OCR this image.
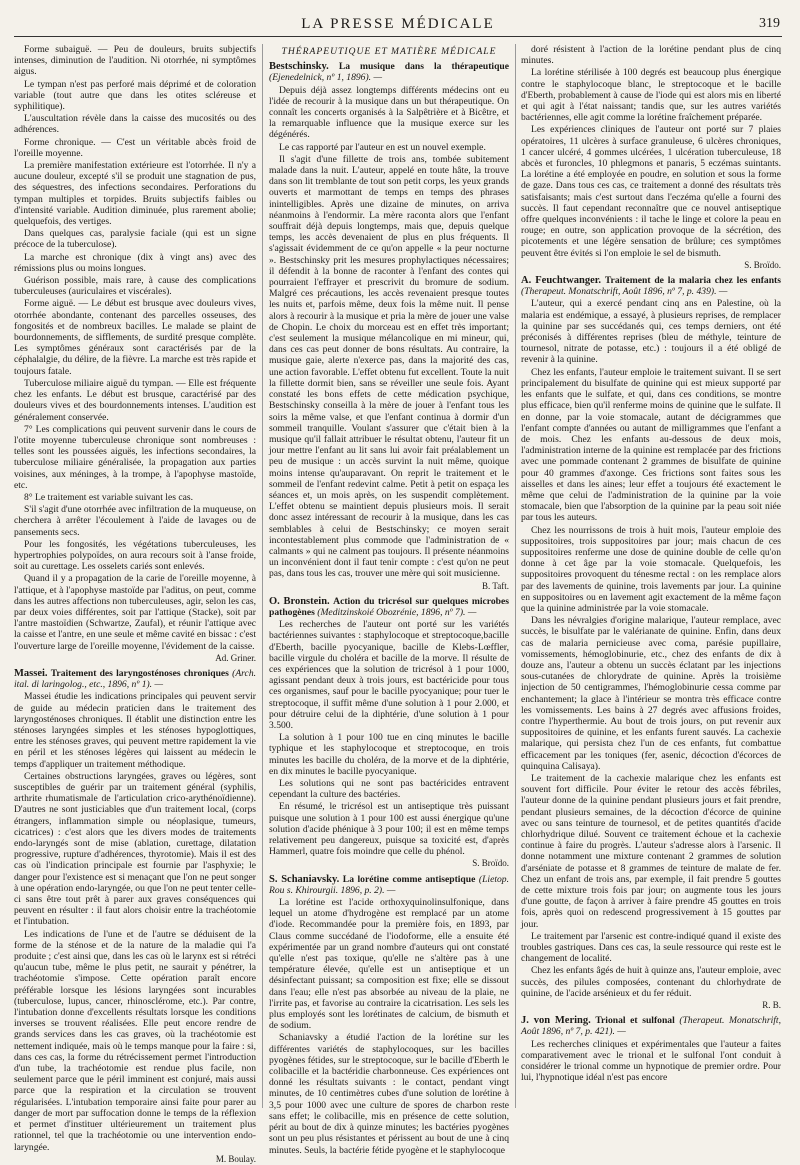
LA PRESSE MÉDICALE	319

Forme subaiguë. — Peu de douleurs, bruits subjectifs intenses, diminution de l'audition. Ni otorrhée, ni symptômes aigus.

Le tympan n'est pas perforé mais déprimé et de coloration variable (tout autre que dans les otites scléreuse et syphilitique).

L'auscultation révèle dans la caisse des mucosités ou des adhérences.

Forme chronique. — C'est un véritable abcès froid de l'oreille moyenne.

La première manifestation extérieure est l'otorrhée. Il n'y a aucune douleur, excepté s'il se produit une stagnation de pus, des séquestres, des infections secondaires. Perforations du tympan multiples et torpides. Bruits subjectifs faibles ou d'intensité variable. Audition diminuée, plus rarement abolie; quelquefois, des vertiges.

Dans quelques cas, paralysie faciale (qui est un signe précoce de la tuberculose).

La marche est chronique (dix à vingt ans) avec des rémissions plus ou moins longues.

Guérison possible, mais rare, à cause des complications tuberculeuses (auriculaires et viscérales).

Forme aiguë. — Le début est brusque avec douleurs vives, otorrhée abondante, contenant des parcelles osseuses, des fongosités et de nombreux bacilles. Le malade se plaint de bourdonnements, de sifflements, de surdité presque complète. Les symptômes généraux sont caractérisés par de la céphalalgie, du délire, de la fièvre. La marche est très rapide et toujours fatale.

Tuberculose miliaire aiguë du tympan. — Elle est fréquente chez les enfants. Le début est brusque, caractérisé par des douleurs vives et des bourdonnements intenses. L'audition est généralement conservée.

7° Les complications qui peuvent survenir dans le cours de l'otite moyenne tuberculeuse chronique sont nombreuses : telles sont les poussées aiguës, les infections secondaires, la tuberculose miliaire généralisée, la propagation aux parties voisines, aux méninges, à la trompe, à l'apophyse mastoïde, etc.

8° Le traitement est variable suivant les cas.

S'il s'agit d'une otorrhée avec infiltration de la muqueuse, on cherchera à arrêter l'écoulement à l'aide de lavages ou de pansements secs.

Pour les fongosités, les végétations tuberculeuses, les hypertrophies polypoïdes, on aura recours soit à l'anse froide, soit au curettage. Les osselets cariés sont enlevés.

Quand il y a propagation de la carie de l'oreille moyenne, à l'attique, et à l'apophyse mastoïde par l'aditus, on peut, comme dans les autres affections non tuberculeuses, agir, selon les cas, par deux voies différentes, soit par l'attique (Stacke), soit par l'antre mastoïdien (Schwartze, Zaufal), et réunir l'attique avec la caisse et l'antre, en une seule et même cavité en bissac : c'est l'ouverture large de l'oreille moyenne, l'évidement de la caisse.

Ad. Griner.

Massei. Traitement des laryngosténoses chroniques (Arch. ital. di laringolog., etc., 1896, nº 1). —

Massei étudie les indications principales qui peuvent servir de guide au médecin praticien dans le traitement des laryngosténoses chroniques. Il établit une distinction entre les sténoses laryngées simples et les sténoses hypoglottiques, entre les sténoses graves, qui peuvent mettre rapidement la vie en péril et les sténoses légères qui laissent au médecin le temps d'appliquer un traitement méthodique.

Certaines obstructions laryngées, graves ou légères, sont susceptibles de guérir par un traitement général (syphilis, arthrite rhumatismale de l'articulation crico-arythénoïdienne). D'autres ne sont justiciables que d'un traitement local, (corps étrangers, inflammation simple ou néoplasique, tumeurs, cicatrices) : c'est alors que les divers modes de traitements endo-laryngés sont de mise (ablation, curettage, dilatation progressive, rupture d'adhérences, thyrotomie). Mais il est des cas où l'indication principale est fournie par l'asphyxie; le danger pour l'existence est si menaçant que l'on ne peut songer à une opération endo-laryngée, ou que l'on ne peut tenter celle-ci sans être tout prêt à parer aux graves conséquences qui peuvent en résulter : il faut alors choisir entre la trachéotomie et l'intubation.

Les indications de l'une et de l'autre se déduisent de la forme de la sténose et de la nature de la maladie qui l'a produite ; c'est ainsi que, dans les cas où le larynx est si rétréci qu'aucun tube, même le plus petit, ne saurait y pénétrer, la trachéotomie s'impose. Cette opération paraît encore préférable lorsque les lésions laryngées sont incurables (tuberculose, lupus, cancer, rhinosclérome, etc.). Par contre, l'intubation donne d'excellents résultats lorsque les conditions inverses se trouvent réalisées. Elle peut encore rendre de grands services dans les cas graves, où la trachéotomie est nettement indiquée, mais où le temps manque pour la faire : si, dans ces cas, la forme du rétrécissement permet l'introduction d'un tube, la trachéotomie est rendue plus facile, non seulement parce que le péril imminent est conjuré, mais aussi parce que la respiration et la circulation se trouvent régularisées. L'intubation temporaire ainsi faite pour parer au danger de mort par suffocation donne le temps de la réflexion et permet d'instituer ultérieurement un traitement plus rationnel, tel que la trachéotomie ou une intervention endo-laryngée.

M. Boulay.

THÉRAPEUTIQUE ET MATIÈRE MÉDICALE

Bestschinsky. La musique dans la thérapeutique (Ejenedelnick, nº 1, 1896). —

Depuis déjà assez longtemps différents médecins ont eu l'idée de recourir à la musique dans un but thérapeutique. On connaît les concerts organisés à la Salpêtrière et à Bicêtre, et la remarquable influence que la musique exerce sur les dégénérés.

Le cas rapporté par l'auteur en est un nouvel exemple.

Il s'agit d'une fillette de trois ans, tombée subitement malade dans la nuit. L'auteur, appelé en toute hâte, la trouve dans son lit tremblante de tout son petit corps, les yeux grands ouverts et marmottant de temps en temps des phrases inintelligibles. Après une dizaine de minutes, on arriva néanmoins à l'endormir. La mère raconta alors que l'enfant souffrait déjà depuis longtemps, mais que, depuis quelque temps, les accès devenaient de plus en plus fréquents. Il s'agissait évidemment de ce qu'on appelle « la peur nocturne ». Bestschinsky prit les mesures prophylactiques nécessaires; il défendit à la bonne de raconter à l'enfant des contes qui pourraient l'effrayer et prescrivit du bromure de sodium. Malgré ces précautions, les accès revenaient presque toutes les nuits et, parfois même, deux fois la même nuit. Il pense alors à recourir à la musique et pria la mère de jouer une valse de Chopin. Le choix du morceau est en effet très important; c'est seulement la musique mélancolique en mi mineur, qui, dans ces cas peut donner de bons résultats. Au contraire, la musique gaie, alerte n'exerce pas, dans la majorité des cas, une action favorable. L'effet obtenu fut excellent. Toute la nuit la fillette dormit bien, sans se réveiller une seule fois. Ayant constaté les bons effets de cette médication psychique, Bestschinsky conseilla à la mère de jouer à l'enfant tous les soirs la même valse, et que l'enfant continua à dormir d'un sommeil tranquille. Voulant s'assurer que c'était bien à la musique qu'il fallait attribuer le résultat obtenu, l'auteur fit un jour mettre l'enfant au lit sans lui avoir fait préalablement un peu de musique : un accès survint la nuit même, quoique moins intense qu'auparavant. On reprit le traitement et le sommeil de l'enfant redevint calme. Petit à petit on espaça les séances et, un mois après, on les suspendit complètement. L'effet obtenu se maintient depuis plusieurs mois. Il serait donc assez intéressant de recourir à la musique, dans les cas semblables à celui de Bestschinsky; ce moyen serait incontestablement plus commode que l'administration de « calmants » qui ne calment pas toujours. Il présente néanmoins un inconvénient dont il faut tenir compte : c'est qu'on ne peut pas, dans tous les cas, trouver une mère qui soit musicienne.

B. Taft.

O. Bronstein. Action du tricrésol sur quelques microbes pathogènes (Meditzinskoié Obozrénie, 1896, nº 7). —

Les recherches de l'auteur ont porté sur les variétés bactériennes suivantes : staphylocoque et streptocoque,bacille d'Eberth, bacille pyocyanique, bacille de Klebs-Lœffler, bacille virgule du choléra et bacille de la morve. Il résulte de ces expériences que la solution de tricrésol à 1 pour 1000, agissant pendant deux à trois jours, est bactéricide pour tous ces organismes, sauf pour le bacille pyocyanique; pour tuer le streptocoque, il suffit même d'une solution à 1 pour 2.000, et pour détruire celui de la diphtérie, d'une solution à 1 pour 3.500.

La solution à 1 pour 100 tue en cinq minutes le bacille typhique et les staphylocoque et streptocoque, en trois minutes les bacille du choléra, de la morve et de la diphtérie, en dix minutes le bacille pyocyanique.

Les solutions qui ne sont pas bactéricides entravent cependant la culture des bactéries.

En résumé, le tricrésol est un antiseptique très puissant puisque une solution à 1 pour 100 est aussi énergique qu'une solution d'acide phénique à 3 pour 100; il est en même temps relativement peu dangereux, puisque sa toxicité est, d'après Hammerl, quatre fois moindre que celle du phénol.

S. Broïdo.

S. Schaniavsky. La lorétine comme antiseptique (Lietop. Rou s. Khirourgii. 1896, p. 2). —

La lorétine est l'acide orthoxyquinolinsulfonique, dans lequel un atome d'hydrogène est remplacé par un atome d'iode. Recommandée pour la première fois, en 1893, par Claus comme succédané de l'iodoforme, elle a ensuite été expérimentée par un grand nombre d'auteurs qui ont constaté qu'elle n'est pas toxique, qu'elle ne s'altère pas à une température élevée, qu'elle est un antiseptique et un désinfectant puissant; sa composition est fixe; elle se dissout dans l'eau; elle n'est pas absorbée au niveau de la plaie, ne l'irrite pas, et favorise au contraire la cicatrisation. Les sels les plus employés sont les lorétinates de calcium, de bismuth et de sodium.

Schaniavsky a étudié l'action de la lorétine sur les différentes variétés de staphylocoques, sur les bacilles pyogènes fétides, sur le streptocoque, sur le bacille d'Eberth le colibacille et la bactéridie charbonneuse. Ces expériences ont donné les résultats suivants : le contact, pendant vingt minutes, de 10 centimètres cubes d'une solution de lorétine à 3,5 pour 1000 avec une culture de spores de charbon reste sans effet; le colibacille, mis en présence de cette solution, périt au bout de dix à quinze minutes; les bactéries pyogènes sont un peu plus résistantes et périssent au bout de une à cinq minutes. Seuls, la bactérie fétide pyogène et le staphylocoque

doré résistent à l'action de la lorétine pendant plus de cinq minutes.

La lorétine stérilisée à 100 degrés est beaucoup plus énergique contre le staphylocoque blanc, le streptocoque et le bacille d'Eberth, probablement à cause de l'iode qui est alors mis en liberté et qui agit à l'état naissant; tandis que, sur les autres variétés bactériennes, elle agit comme la lorétine fraîchement préparée.

Les expériences cliniques de l'auteur ont porté sur 7 plaies opératoires, 11 ulcères à surface granuleuse, 6 ulcères chroniques, 1 cancer ulcéré, 4 gommes ulcérées, 1 ulcération tuberculeuse, 18 abcès et furoncles, 10 phlegmons et panaris, 5 eczémas suintants. La lorétine a été employée en poudre, en solution et sous la forme de gaze. Dans tous ces cas, ce traitement a donné des résultats très satisfaisants; mais c'est surtout dans l'eczéma qu'elle a fourni des succès. Il faut cependant reconnaître que ce nouvel antiseptique offre quelques inconvénients : il tache le linge et colore la peau en rouge; en outre, son application provoque de la sécrétion, des picotements et une légère sensation de brûlure; ces symptômes peuvent être évités si l'on emploie le sel de bismuth.

S. Broïdo.

A. Feuchtwanger. Traitement de la malaria chez les enfants (Therapeut. Monatschrift, Août 1896, nº 7, p. 439). —

L'auteur, qui a exercé pendant cinq ans en Palestine, où la malaria est endémique, a essayé, à plusieurs reprises, de remplacer la quinine par ses succédanés qui, ces temps derniers, ont été préconisés à différentes reprises (bleu de méthyle, teinture de tournesol, nitrate de potasse, etc.) : toujours il a été obligé de revenir à la quinine.

Chez les enfants, l'auteur emploie le traitement suivant. Il se sert principalement du bisulfate de quinine qui est mieux supporté par les enfants que le sulfate, et qui, dans ces conditions, se montre plus efficace, bien qu'il renferme moins de quinine que le sulfate. Il en donne, par la voie stomacale, autant de décigrammes que l'enfant compte d'années ou autant de milligrammes que l'enfant a de mois. Chez les enfants au-dessous de deux mois, l'administration interne de la quinine est remplacée par des frictions avec une pommade contenant 2 grammes de bisulfate de quinine pour 40 grammes d'axonge. Ces frictions sont faites sous les aisselles et dans les aines; leur effet a toujours été exactement le même que celui de l'administration de la quinine par la voie stomacale, bien que l'absorption de la quinine par la peau soit niée par tous les auteurs.

Chez les nourrissons de trois à huit mois, l'auteur emploie des suppositoires, trois suppositoires par jour; mais chacun de ces suppositoires renferme une dose de quinine double de celle qu'on donne à cet âge par la voie stomacale. Quelquefois, les suppositoires provoquent du ténesme rectal : on les remplace alors par des lavements de quinine, trois lavements par jour. La quinine en suppositoires ou en lavement agit exactement de la même façon que la quinine administrée par la voie stomacale.

Dans les névralgies d'origine malarique, l'auteur remplace, avec succès, le bisulfate par le valérianate de quinine. Enfin, dans deux cas de malaria pernicieuse avec coma, parésie pupillaire, vomissements, hémoglobinurie, etc., chez des enfants de dix à douze ans, l'auteur a obtenu un succès éclatant par les injections sous-cutanées de chlorydrate de quinine. Après la troisième injection de 50 centigrammes, l'hémoglobinurie cessa comme par enchantement; la glace à l'intérieur se montra très efficace contre les vomissements. Les bains à 27 degrés avec affusions froides, contre l'hyperthermie. Au bout de trois jours, on put revenir aux suppositoires de quinine, et les enfants furent sauvés. La cachexie malarique, qui persista chez l'un de ces enfants, fut combattue efficacement par les toniques (fer, asenic, décoction d'écorces de quinquina Calisaya).

Le traitement de la cachexie malarique chez les enfants est souvent fort difficile. Pour éviter le retour des accès fébriles, l'auteur donne de la quinine pendant plusieurs jours et fait prendre, pendant plusieurs semaines, de la décoction d'écorce de quinine avec ou sans teinture de tournesol, et de petites quantités d'acide chlorhydrique dilué. Souvent ce traitement échoue et la cachexie continue à faire du progrès. L'auteur s'adresse alors à l'arsenic. Il donne notamment une mixture contenant 2 grammes de solution d'arséniate de potasse et 8 grammes de teinture de malate de fer. Chez un enfant de trois ans, par exemple, il fait prendre 5 gouttes de cette mixture trois fois par jour; on augmente tous les jours d'une goutte, de façon à arriver à faire prendre 45 gouttes en trois fois, après quoi on redescend progressivement à 15 gouttes par jour.

Le traitement par l'arsenic est contre-indiqué quand il existe des troubles gastriques. Dans ces cas, la seule ressource qui reste est le changement de localité.

Chez les enfants âgés de huit à quinze ans, l'auteur emploie, avec succès, des pilules composées, contenant du chlorhydrate de quinine, de l'acide arsénieux et du fer réduit.

R. B.

J. von Mering. Trional et sulfonal (Therapeut. Monatschrift, Août 1896, nº 7, p. 421). —

Les recherches cliniques et expérimentales que l'auteur a faites comparativement avec le trional et le sulfonal l'ont conduit à considérer le trional comme un hypnotique de premier ordre. Pour lui, l'hypnotique idéal n'est pas encore
